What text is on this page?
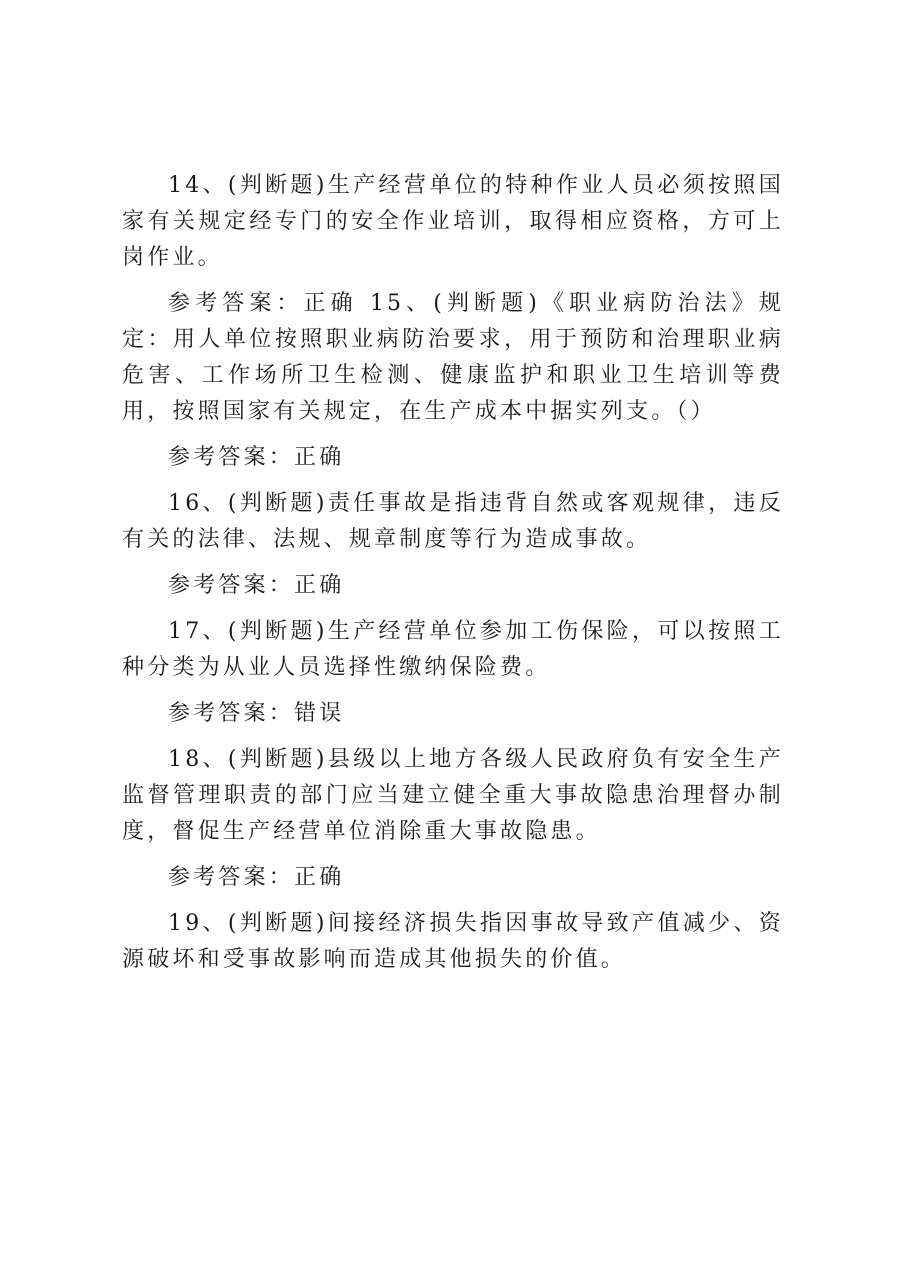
14、(判断题)生产经营单位的特种作业人员必须按照国家有关规定经专门的安全作业培训，取得相应资格，方可上岗作业。

参考答案：正确 15、(判断题)《职业病防治法》规定：用人单位按照职业病防治要求，用于预防和治理职业病危害、工作场所卫生检测、健康监护和职业卫生培训等费用，按照国家有关规定，在生产成本中据实列支。（）

参考答案：正确

16、(判断题)责任事故是指违背自然或客观规律，违反有关的法律、法规、规章制度等行为造成事故。

参考答案：正确

17、(判断题)生产经营单位参加工伤保险，可以按照工种分类为从业人员选择性缴纳保险费。

参考答案：错误

18、(判断题)县级以上地方各级人民政府负有安全生产监督管理职责的部门应当建立健全重大事故隐患治理督办制度，督促生产经营单位消除重大事故隐患。

参考答案：正确

19、(判断题)间接经济损失指因事故导致产值减少、资源破坏和受事故影响而造成其他损失的价值。
